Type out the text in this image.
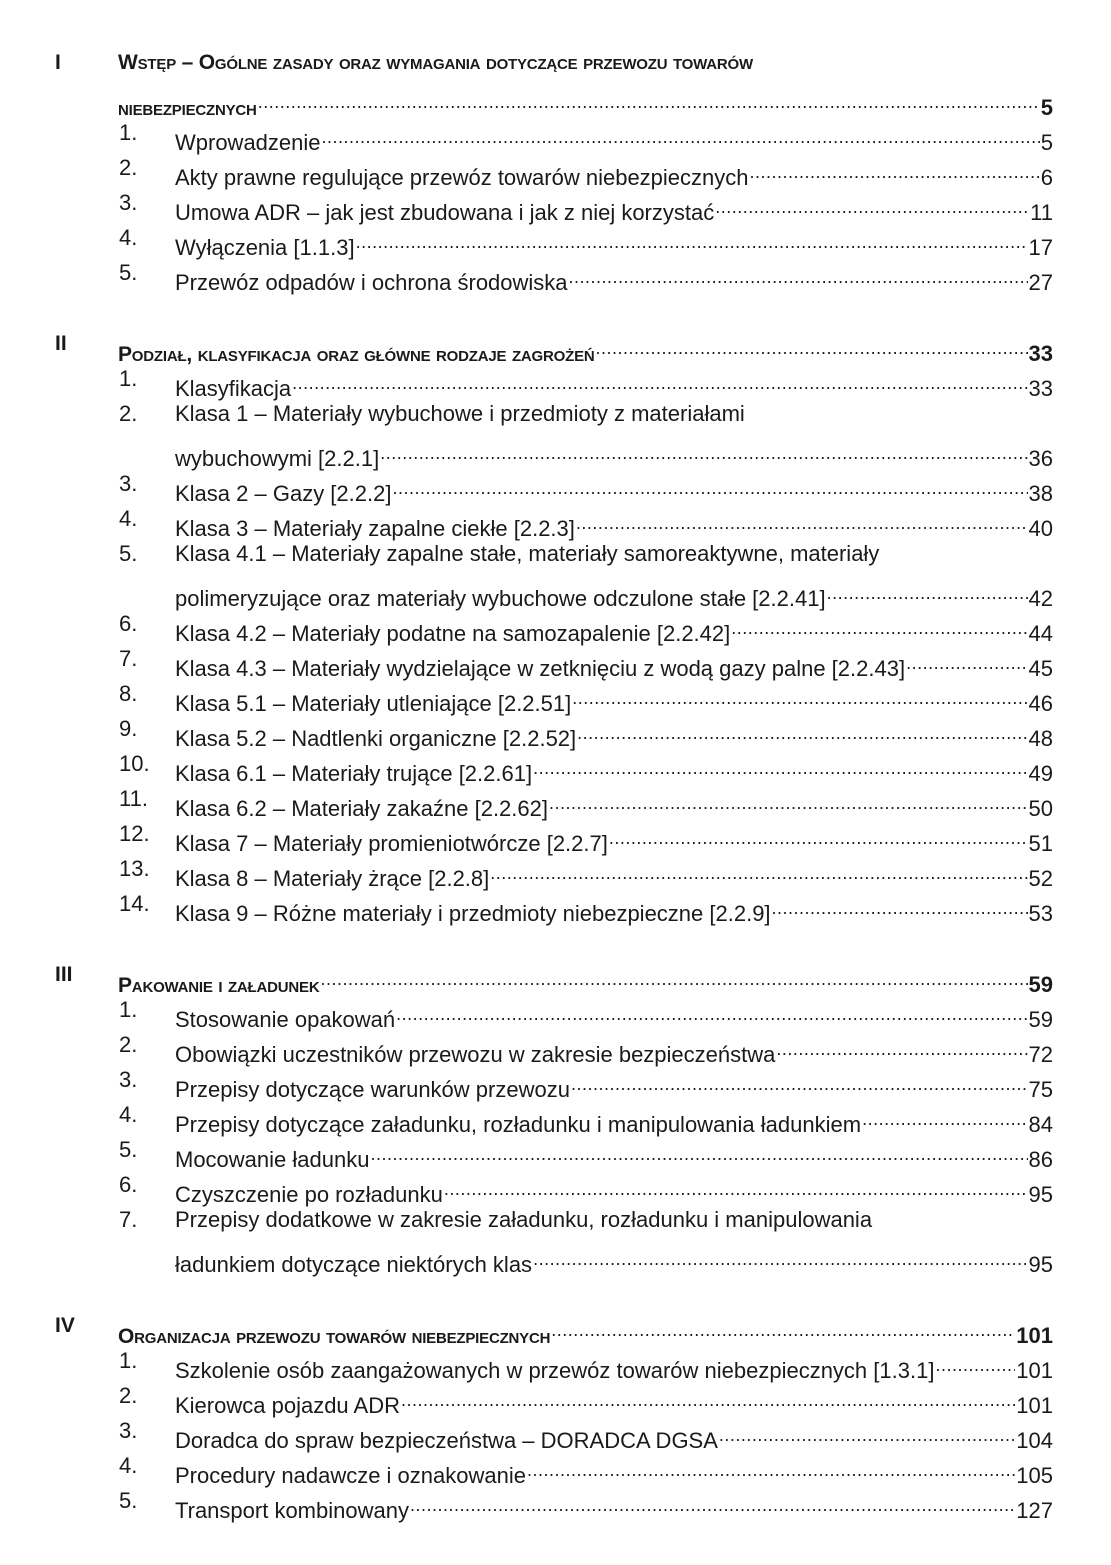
I	Wstęp – Ogólne zasady oraz wymagania dotyczące przewozu towarów
niebezpiecznych .....	5
1. Wprowadzenie .....	5
2. Akty prawne regulujące przewóz towarów niebezpiecznych .....	6
3. Umowa ADR – jak jest zbudowana i jak z niej korzystać .....	11
4. Wyłączenia [1.1.3] .....	17
5. Przewóz odpadów i ochrona środowiska .....	27
II Podział, klasyfikacja oraz główne rodzaje zagrożeń .....	33
1. Klasyfikacja .....	33
2. Klasa 1 – Materiały wybuchowe i przedmioty z materiałami
wybuchowymi [2.2.1] .....	36
3. Klasa 2 – Gazy [2.2.2] .....	38
4. Klasa 3 – Materiały zapalne ciekłe [2.2.3] .....	40
5. Klasa 4.1 – Materiały zapalne stałe, materiały samoreaktywne, materiały
polimeryzujące oraz materiały wybuchowe odczulone stałe [2.2.41] .....	42
6. Klasa 4.2 – Materiały podatne na samozapalenie [2.2.42] .....	44
7. Klasa 4.3 – Materiały wydzielające w zetknięciu z wodą gazy palne [2.2.43] .....	45
8. Klasa 5.1 – Materiały utleniające [2.2.51] .....	46
9. Klasa 5.2 – Nadtlenki organiczne [2.2.52] .....	48
10. Klasa 6.1 – Materiały trujące [2.2.61] .....	49
11. Klasa 6.2 – Materiały zakaźne [2.2.62] .....	50
12. Klasa 7 – Materiały promieniotwórcze [2.2.7] .....	51
13. Klasa 8 – Materiały żrące [2.2.8] .....	52
14. Klasa 9 – Różne materiały i przedmioty niebezpieczne [2.2.9] .....	53
III Pakowanie i załadunek .....	59
1. Stosowanie opakowań .....	59
2. Obowiązki uczestników przewozu w zakresie bezpieczeństwa .....	72
3. Przepisy dotyczące warunków przewozu .....	75
4. Przepisy dotyczące załadunku, rozładunku i manipulowania ładunkiem .....	84
5. Mocowanie ładunku .....	86
6. Czyszczenie po rozładunku .....	95
7. Przepisy dodatkowe w zakresie załadunku, rozładunku i manipulowania
ładunkiem dotyczące niektórych klas .....	95
IV Organizacja przewozu towarów niebezpiecznych .....	101
1. Szkolenie osób zaangażowanych w przewóz towarów niebezpiecznych [1.3.1] .....	101
2. Kierowca pojazdu ADR .....	101
3. Doradca do spraw bezpieczeństwa – DORADCA DGSA .....	104
4. Procedury nadawcze i oznakowanie .....	105
5. Transport kombinowany .....	127
